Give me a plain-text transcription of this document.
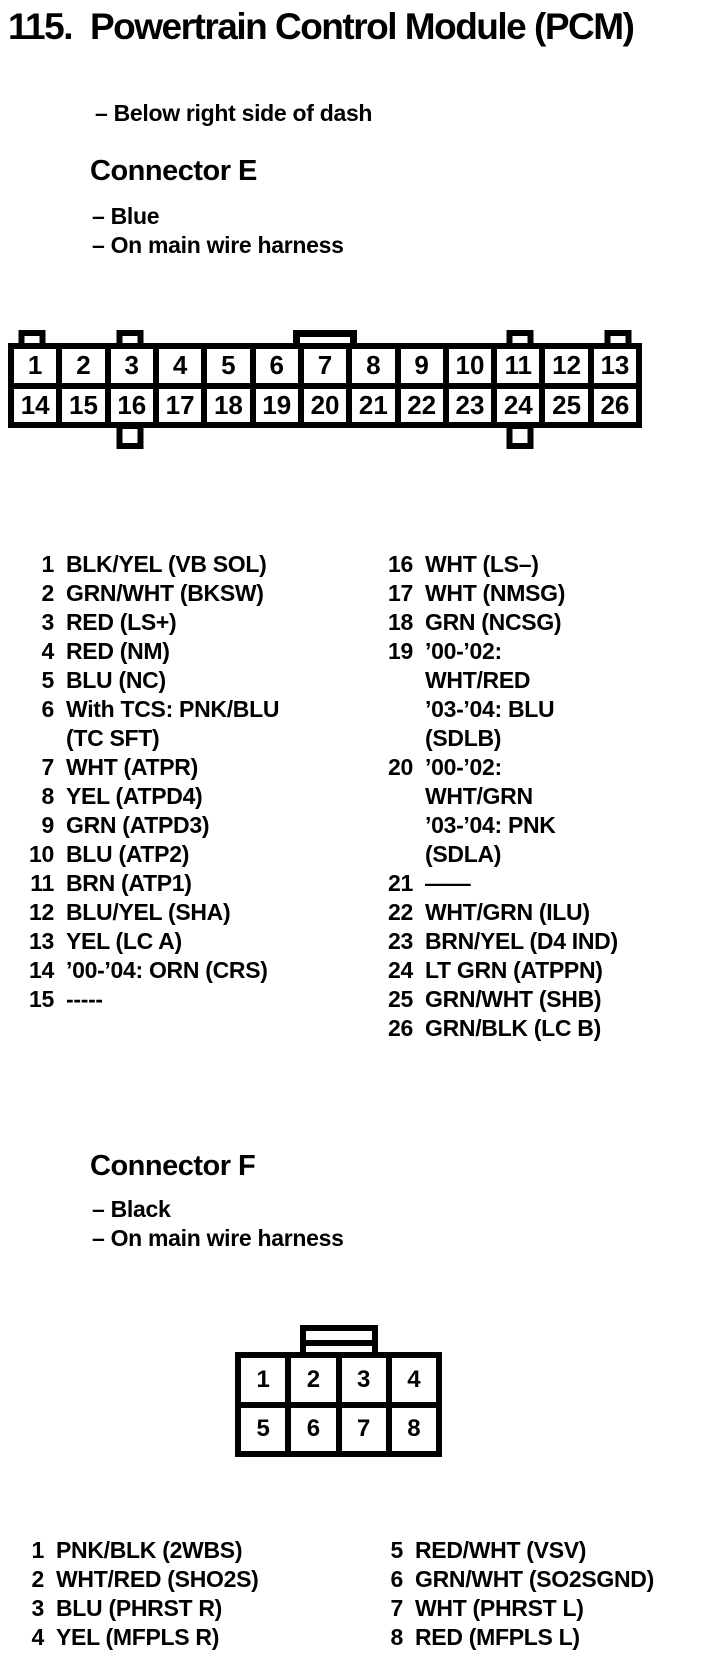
115. Powertrain Control Module (PCM)
– Below right side of dash
Connector E
– Blue
– On main wire harness
1	2	3	4	5	6	7	8	9	10 11 12 13
14 15 16 17 18 19 20 21 22 23 24 25 26
1 BLK/YEL (VB SOL)
2 GRN/WHT (BKSW)
3 RED (LS+)
4 RED (NM)
5 BLU (NC)
6 With TCS: PNK/BLU
(TC SFT)
7 WHT (ATPR)
8 YEL (ATPD4)
9 GRN (ATPD3)
10 BLU (ATP2)
11 BRN (ATP1)
12 BLU/YEL (SHA)
13 YEL (LC A)
14 ’00-’04: ORN (CRS)
15 -----
16 WHT (LS–)
17 WHT (NMSG)
18 GRN (NCSG)
19 ’00-’02:
WHT/RED
’03-’04: BLU
(SDLB)
20 ’00-’02:
WHT/GRN
’03-’04: PNK
(SDLA)
21 ——
22 WHT/GRN (ILU)
23 BRN/YEL (D4 IND)
24 LT GRN (ATPPN)
25 GRN/WHT (SHB)
26 GRN/BLK (LC B)
Connector F
– Black
– On main wire harness
1	2	3	4
5	6	7	8
1 PNK/BLK (2WBS)
2 WHT/RED (SHO2S)
3 BLU (PHRST R)
4 YEL (MFPLS R)
5 RED/WHT (VSV)
6 GRN/WHT (SO2SGND)
7 WHT (PHRST L)
8 RED (MFPLS L)
